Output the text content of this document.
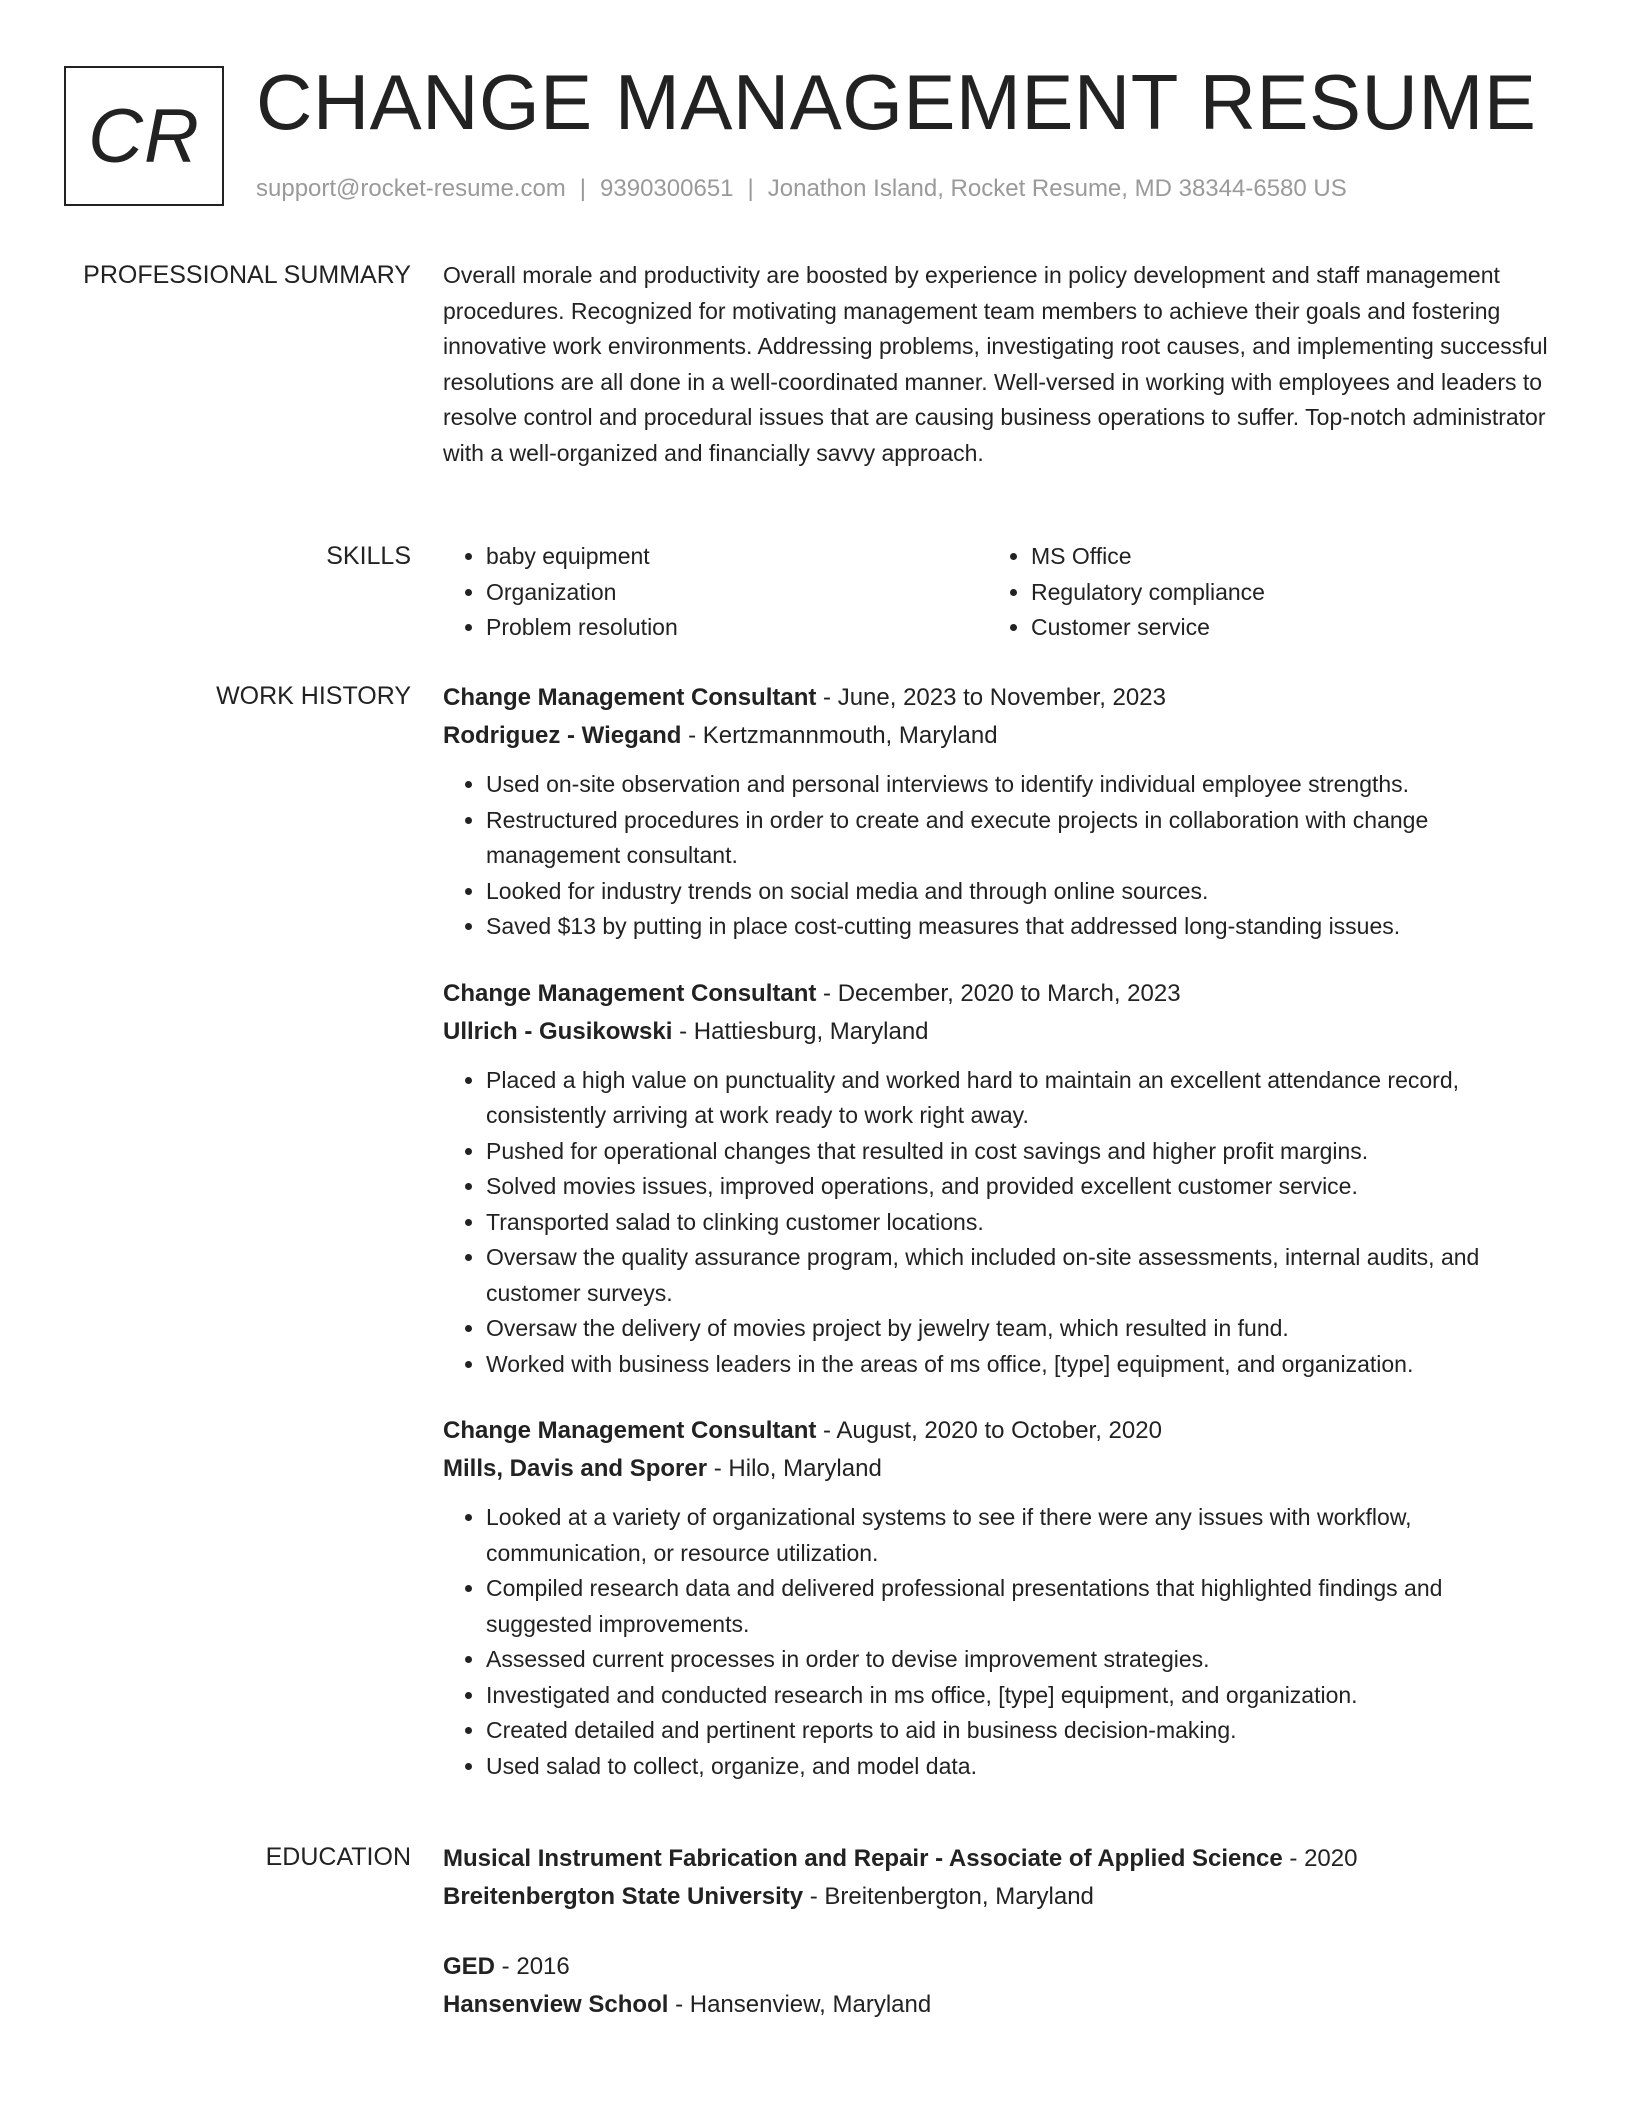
CR CHANGE MANAGEMENT RESUME
support@rocket-resume.com | 9390300651 | Jonathon Island, Rocket Resume, MD 38344-6580 US
PROFESSIONAL SUMMARY Overall morale and productivity are boosted by experience in policy development and staff management procedures. Recognized for motivating management team members to achieve their goals and fostering innovative work environments. Addressing problems, investigating root causes, and implementing successful resolutions are all done in a well-coordinated manner. Well-versed in working with employees and leaders to resolve control and procedural issues that are causing business operations to suffer. Top-notch administrator with a well-organized and financially savvy approach.

SKILLS
•	baby equipment
• Organization
• Problem resolution
• MS Office
• Regulatory compliance
• Customer service
WORK HISTORY Change Management Consultant - June, 2023 to November, 2023
Rodriguez - Wiegand - Kertzmannmouth, Maryland
• Used on-site observation and personal interviews to identify individual employee strengths.
• Restructured procedures in order to create and execute projects in collaboration with change management consultant.
• Looked for industry trends on social media and through online sources.
• Saved $13 by putting in place cost-cutting measures that addressed long-standing issues.
Change Management Consultant - December, 2020 to March, 2023
Ullrich - Gusikowski - Hattiesburg, Maryland
• Placed a high value on punctuality and worked hard to maintain an excellent attendance record, consistently arriving at work ready to work right away.
• Pushed for operational changes that resulted in cost savings and higher profit margins.
• Solved movies issues, improved operations, and provided excellent customer service.
• Transported salad to clinking customer locations.
• Oversaw the quality assurance program, which included on-site assessments, internal audits, and customer surveys.
• Oversaw the delivery of movies project by jewelry team, which resulted in fund.
• Worked with business leaders in the areas of ms office, [type] equipment, and organization.
Change Management Consultant - August, 2020 to October, 2020
Mills, Davis and Sporer - Hilo, Maryland
• Looked at a variety of organizational systems to see if there were any issues with workflow, communication, or resource utilization.
• Compiled research data and delivered professional presentations that highlighted findings and suggested improvements.
• Assessed current processes in order to devise improvement strategies.
• Investigated and conducted research in ms office, [type] equipment, and organization.
• Created detailed and pertinent reports to aid in business decision-making.
• Used salad to collect, organize, and model data.
EDUCATION Musical Instrument Fabrication and Repair - Associate of Applied Science - 2020
Breitenbergton State University - Breitenbergton, Maryland
GED - 2016
Hansenview School - Hansenview, Maryland
